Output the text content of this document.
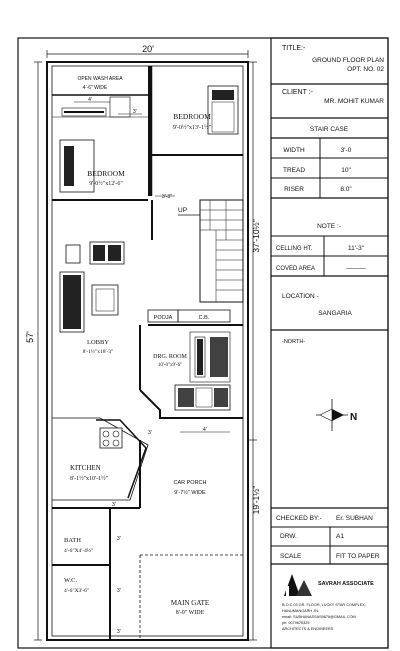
20'
57'
37'-10½"
19'-1½"
BEDROOM
9'-0½"x13'-1½"
OPEN WASH AREA
4'-6" WIDE
4'
BEDROOM
9'-0½"x12'-6"
3'
3'-3"
UP
LOBBY
8'-1½"x18'-3"
POOJA	C.B.
DRG. ROOM
10'-0"x9'-6"
4'
3'
KITCHEN
8'-1½"x10'-1½"
3'
CAR PORCH
9'-7½" WIDE
BATH
4'-6"X4'-4½"
3'
W.C.
4'-6"X3'-6"	3'
MAIN GATE
8'-0" WIDE
3'
TITLE:-
GROUND FLOOR PLAN
OPT. NO. 02
CLIENT :-
MR. MOHIT KUMAR
STAIR CASE
WIDTH	3'-0
TREAD	10"
RISER	8.0"
NOTE :-
CELLING HT.	11'-3"
COVED AREA	———
LOCATION -
SANGARIA
-NORTH-
N
CHECKED BY:- Er. SUBHAN
DRW.	A1
SCALE	FIT TO PAPER
SAVRAH ASSOCIATE
B.O.C 03 GR. FLOOR, LUCKY STAR COMPLEX,
HANUMANGARH JN.
email: SUBHANASSAS9876@GMAIL.COM
ph: 9079675325
ARCHITECTS & ENGINEERS
